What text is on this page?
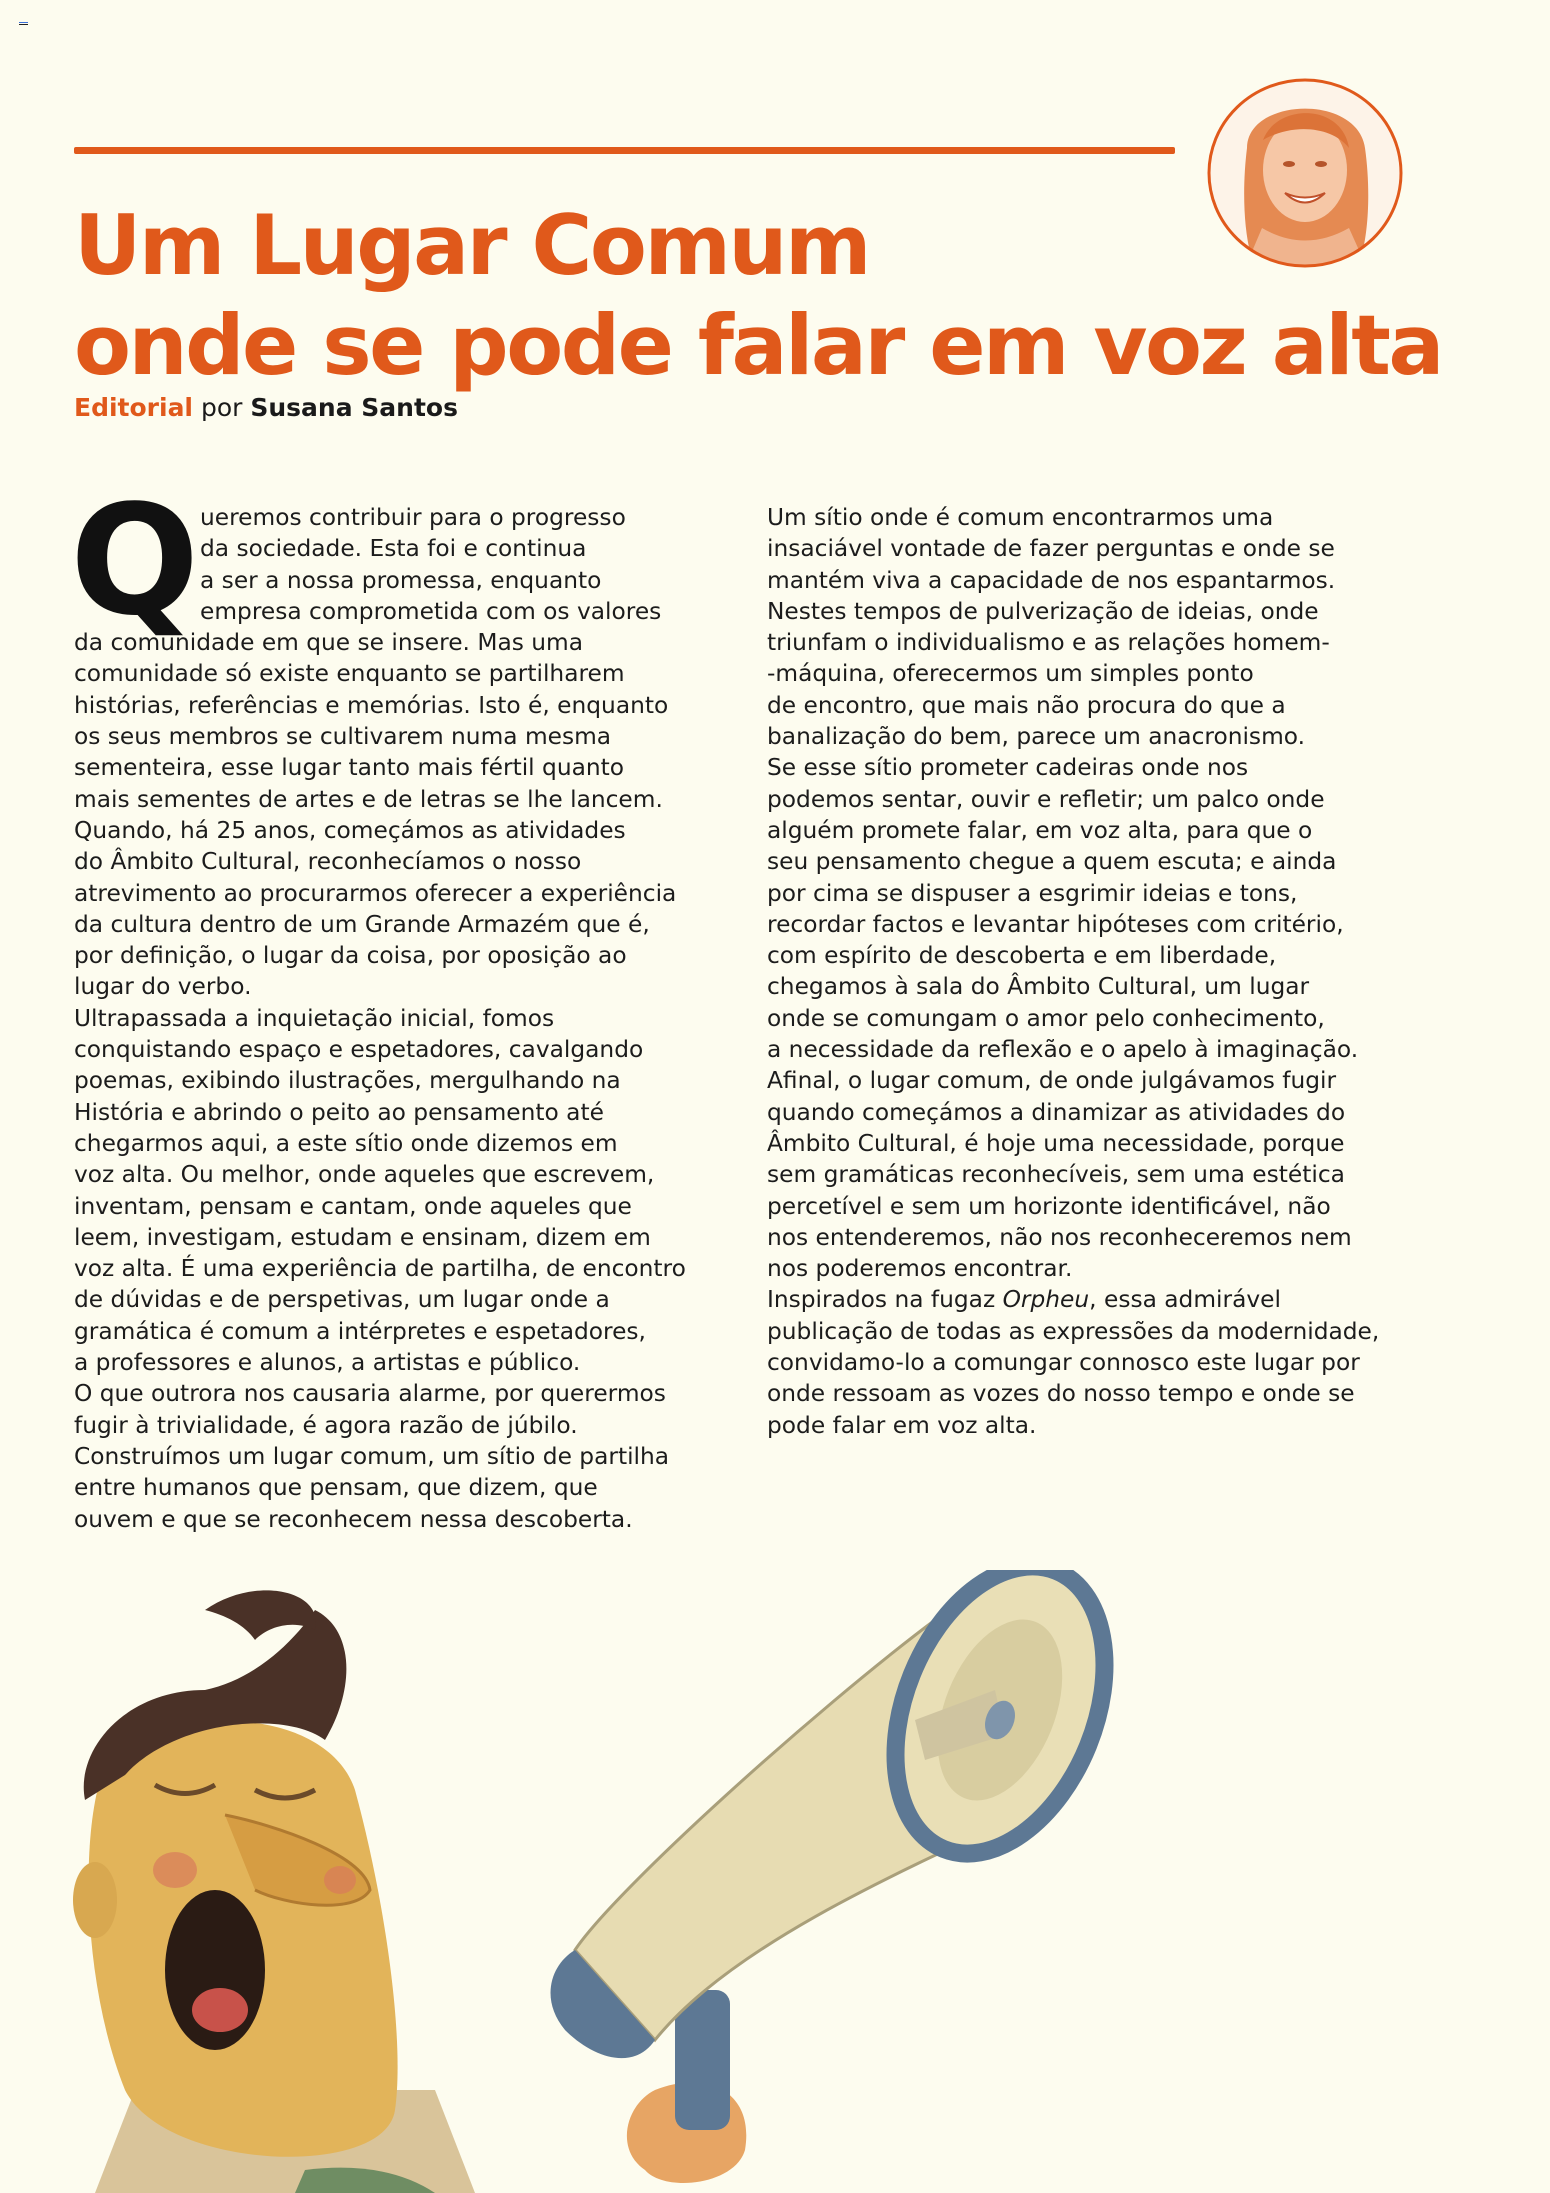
Um Lugar Comum
onde se pode falar em voz alta
Editorial por Susana Santos
Q ueremos contribuir para o progresso
da sociedade. Esta foi e continua
a ser a nossa promessa, enquanto
empresa comprometida com os valores
da comunidade em que se insere. Mas uma
comunidade só existe enquanto se partilharem
histórias, referências e memórias. Isto é, enquanto
os seus membros se cultivarem numa mesma
sementeira, esse lugar tanto mais fértil quanto
mais sementes de artes e de letras se lhe lancem.
Quando, há 25 anos, começámos as atividades
do Âmbito Cultural, reconhecíamos o nosso
atrevimento ao procurarmos oferecer a experiência
da cultura dentro de um Grande Armazém que é,
por definição, o lugar da coisa, por oposição ao
lugar do verbo.
Ultrapassada a inquietação inicial, fomos
conquistando espaço e espetadores, cavalgando
poemas, exibindo ilustrações, mergulhando na
História e abrindo o peito ao pensamento até
chegarmos aqui, a este sítio onde dizemos em
voz alta. Ou melhor, onde aqueles que escrevem,
inventam, pensam e cantam, onde aqueles que
leem, investigam, estudam e ensinam, dizem em
voz alta. É uma experiência de partilha, de encontro
de dúvidas e de perspetivas, um lugar onde a
gramática é comum a intérpretes e espetadores,
a professores e alunos, a artistas e público.
O que outrora nos causaria alarme, por querermos
fugir à trivialidade, é agora razão de júbilo.
Construímos um lugar comum, um sítio de partilha
entre humanos que pensam, que dizem, que
ouvem e que se reconhecem nessa descoberta.
Um sítio onde é comum encontrarmos uma
insaciável vontade de fazer perguntas e onde se
mantém viva a capacidade de nos espantarmos.
Nestes tempos de pulverização de ideias, onde
triunfam o individualismo e as relações homem-
-máquina, oferecermos um simples ponto
de encontro, que mais não procura do que a
banalização do bem, parece um anacronismo.
Se esse sítio prometer cadeiras onde nos
podemos sentar, ouvir e refletir; um palco onde
alguém promete falar, em voz alta, para que o
seu pensamento chegue a quem escuta; e ainda
por cima se dispuser a esgrimir ideias e tons,
recordar factos e levantar hipóteses com critério,
com espírito de descoberta e em liberdade,
chegamos à sala do Âmbito Cultural, um lugar
onde se comungam o amor pelo conhecimento,
a necessidade da reflexão e o apelo à imaginação.
Afinal, o lugar comum, de onde julgávamos fugir
quando começámos a dinamizar as atividades do
Âmbito Cultural, é hoje uma necessidade, porque
sem gramáticas reconhecíveis, sem uma estética
percetível e sem um horizonte identificável, não
nos entenderemos, não nos reconheceremos nem
nos poderemos encontrar.
Inspirados na fugaz Orpheu, essa admirável
publicação de todas as expressões da modernidade,
convidamo-lo a comungar connosco este lugar por
onde ressoam as vozes do nosso tempo e onde se
pode falar em voz alta.
